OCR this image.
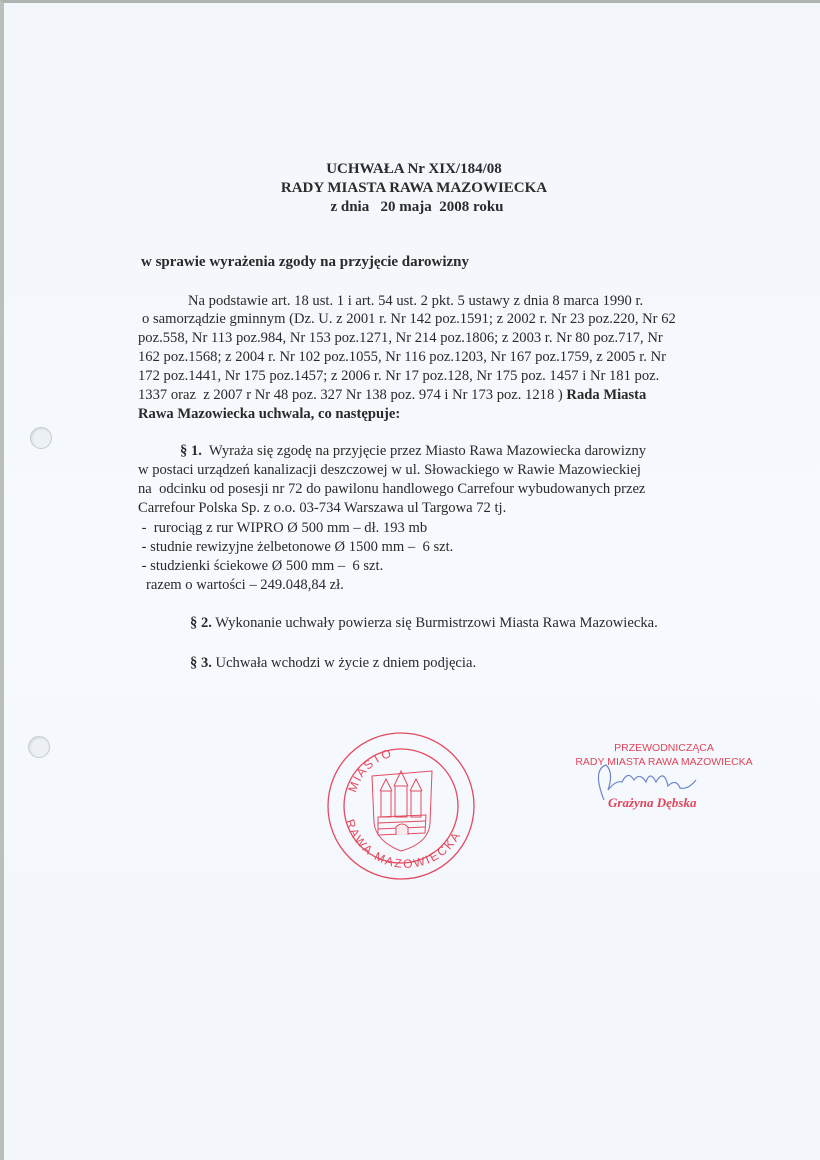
UCHWAŁA Nr XIX/184/08
RADY MIASTA RAWA MAZOWIECKA
z dnia   20 maja  2008 roku
w sprawie wyrażenia zgody na przyjęcie darowizny
Na podstawie art. 18 ust. 1 i art. 54 ust. 2 pkt. 5 ustawy z dnia 8 marca 1990 r.
o samorządzie gminnym (Dz. U. z 2001 r. Nr 142 poz.1591; z 2002 r. Nr 23 poz.220, Nr 62
poz.558, Nr 113 poz.984, Nr 153 poz.1271, Nr 214 poz.1806; z 2003 r. Nr 80 poz.717, Nr
162 poz.1568; z 2004 r. Nr 102 poz.1055, Nr 116 poz.1203, Nr 167 poz.1759, z 2005 r. Nr
172 poz.1441, Nr 175 poz.1457; z 2006 r. Nr 17 poz.128, Nr 175 poz. 1457 i Nr 181 poz.
1337 oraz  z 2007 r Nr 48 poz. 327 Nr 138 poz. 974 i Nr 173 poz. 1218 ) Rada Miasta
Rawa Mazowiecka uchwala, co następuje:
§ 1.  Wyraża się zgodę na przyjęcie przez Miasto Rawa Mazowiecka darowizny
w postaci urządzeń kanalizacji deszczowej w ul. Słowackiego w Rawie Mazowieckiej
na  odcinku od posesji nr 72 do pawilonu handlowego Carrefour wybudowanych przez
Carrefour Polska Sp. z o.o. 03-734 Warszawa ul Targowa 72 tj.
-  rurociąg z rur WIPRO Ø 500 mm – dł. 193 mb
- studnie rewizyjne żelbetonowe Ø 1500 mm –  6 szt.
- studzienki ściekowe Ø 500 mm –  6 szt.
razem o wartości – 249.048,84 zł.
§ 2. Wykonanie uchwały powierza się Burmistrzowi Miasta Rawa Mazowiecka.
§ 3. Uchwała wchodzi w życie z dniem podjęcia.
MIASTO
RAWA MAZOWIECKA
PRZEWODNICZĄCA
RADY MIASTA RAWA MAZOWIECKA
Grażyna Dębska
